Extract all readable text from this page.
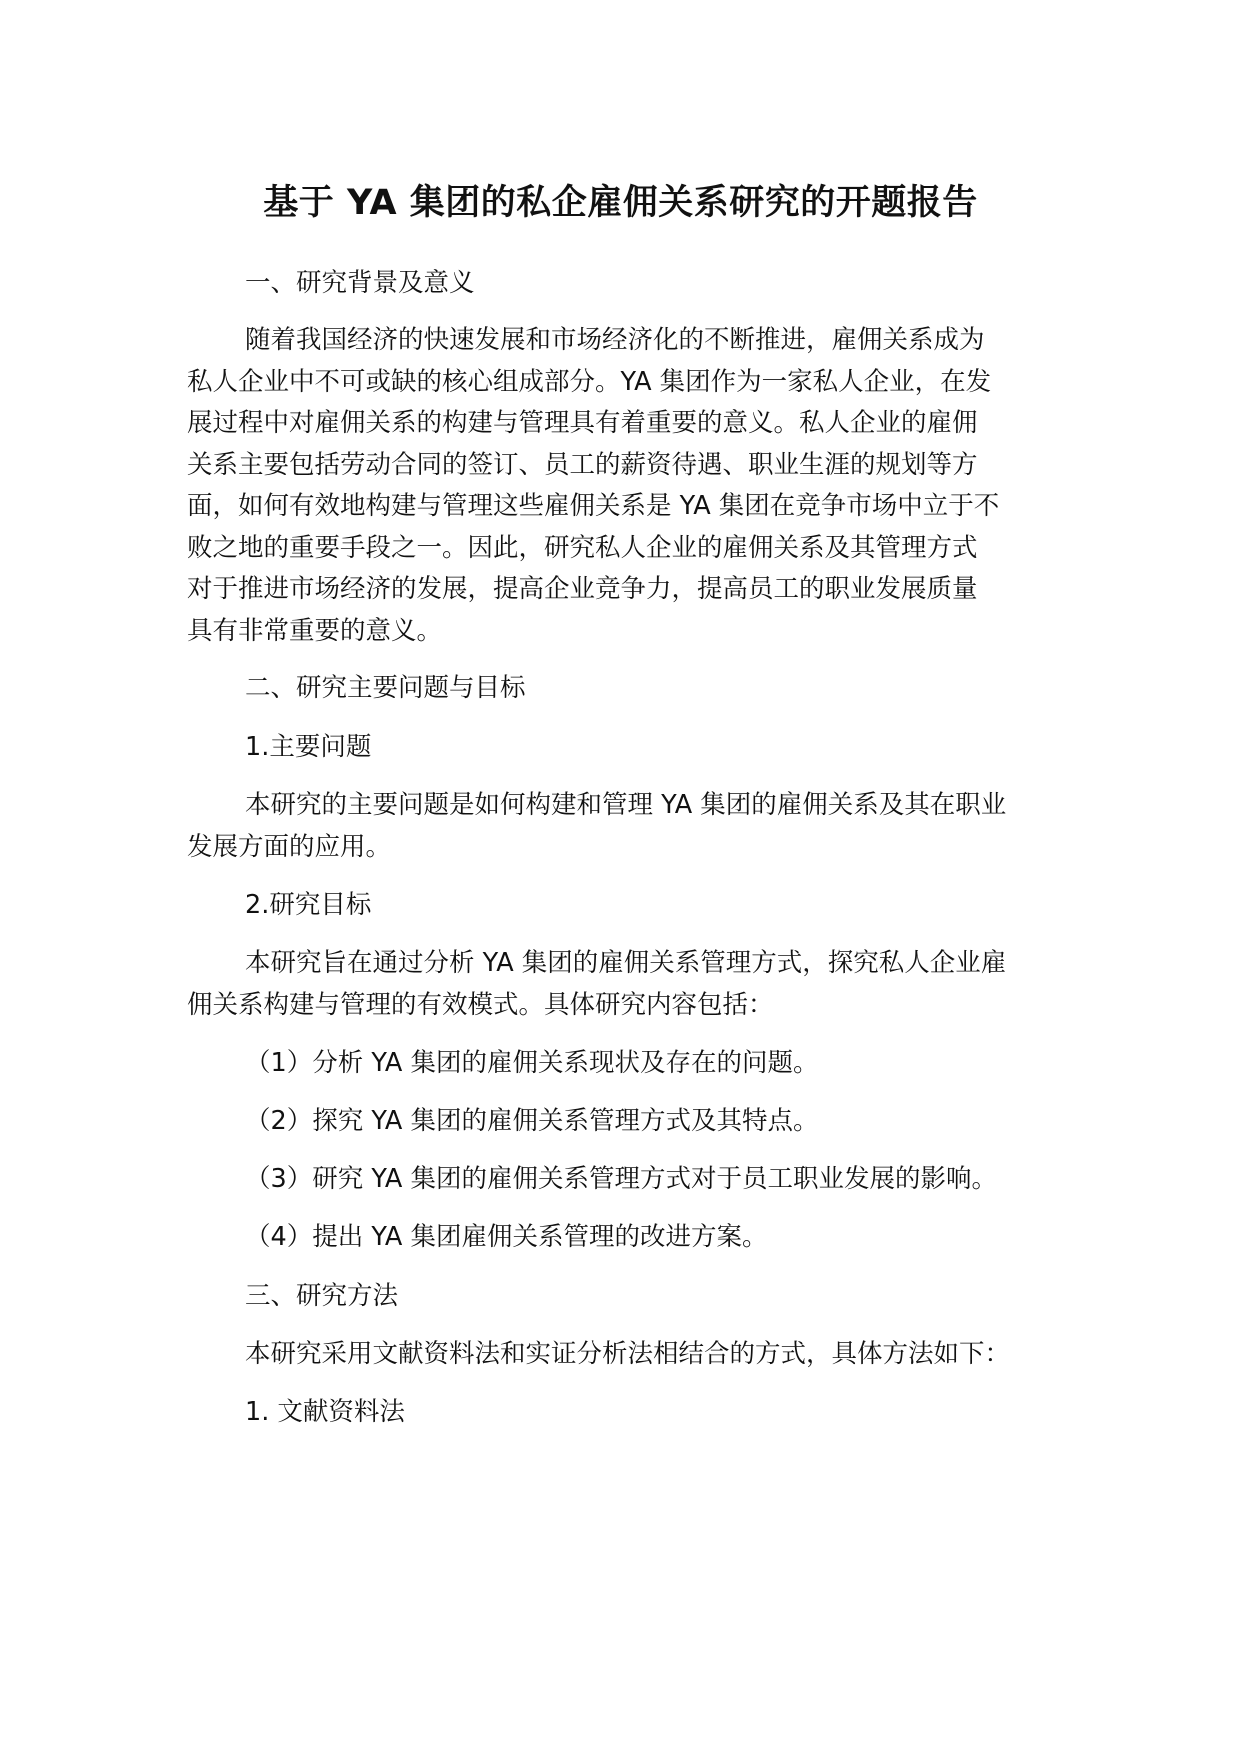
基于 YA 集团的私企雇佣关系研究的开题报告

一、研究背景及意义

随着我国经济的快速发展和市场经济化的不断推进，雇佣关系成为

私人企业中不可或缺的核心组成部分。YA 集团作为一家私人企业，在发

展过程中对雇佣关系的构建与管理具有着重要的意义。私人企业的雇佣

关系主要包括劳动合同的签订、员工的薪资待遇、职业生涯的规划等方

面，如何有效地构建与管理这些雇佣关系是 YA 集团在竞争市场中立于不

败之地的重要手段之一。因此，研究私人企业的雇佣关系及其管理方式

对于推进市场经济的发展，提高企业竞争力，提高员工的职业发展质量

具有非常重要的意义。

二、研究主要问题与目标

1.主要问题

本研究的主要问题是如何构建和管理 YA 集团的雇佣关系及其在职业

发展方面的应用。

2.研究目标

本研究旨在通过分析 YA 集团的雇佣关系管理方式，探究私人企业雇

佣关系构建与管理的有效模式。具体研究内容包括：

（1）分析 YA 集团的雇佣关系现状及存在的问题。

（2）探究 YA 集团的雇佣关系管理方式及其特点。

（3）研究 YA 集团的雇佣关系管理方式对于员工职业发展的影响。

（4）提出 YA 集团雇佣关系管理的改进方案。

三、研究方法

本研究采用文献资料法和实证分析法相结合的方式，具体方法如下：

1. 文献资料法
